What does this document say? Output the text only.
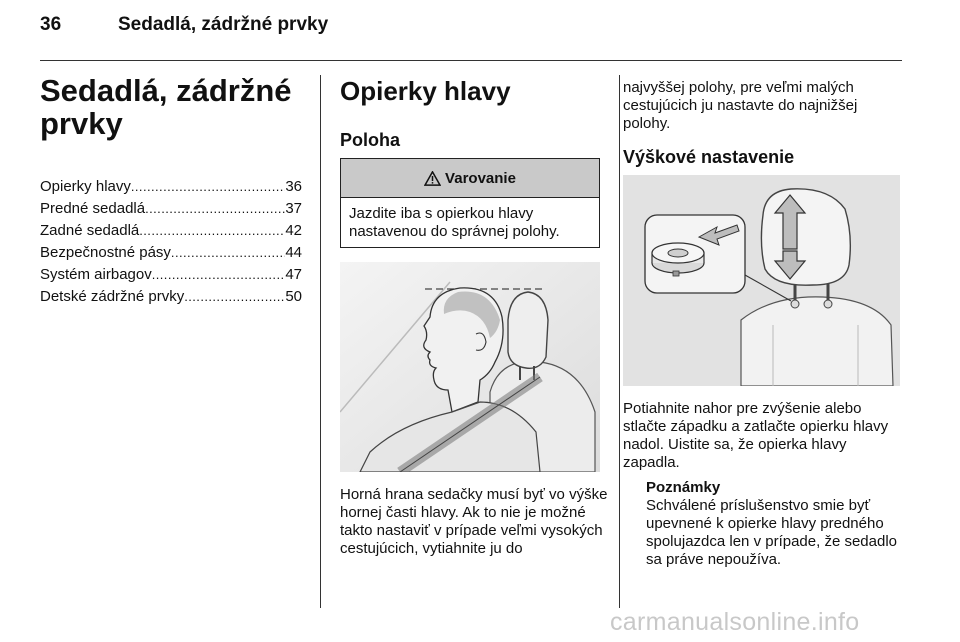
36	Sedadlá, zádržné prvky
Sedadlá, zádržné prvky
Opierky hlavy . . .	36
Predné sedadlá . . .	37
Zadné sedadlá . . .	42
Bezpečnostné pásy . . .	44
Systém airbagov . . .	47
Detské zádržné prvky . . .	50
Opierky hlavy
Poloha
Varovanie
Jazdite iba s opierkou hlavy nastavenou do správnej polohy.
Horná hrana sedačky musí byť vo výške hornej časti hlavy. Ak to nie je možné takto nastaviť v prípade veľmi vysokých cestujúcich, vytiahnite ju do
najvyššej polohy, pre veľmi malých cestujúcich ju nastavte do najnižšej polohy.
Výškové nastavenie
Potiahnite nahor pre zvýšenie alebo stlačte západku a zatlačte opierku hlavy nadol. Uistite sa, že opierka hlavy zapadla.
Poznámky
Schválené príslušenstvo smie byť upevnené k opierke hlavy predného spolujazdca len v prípade, že sedadlo sa práve nepoužíva.
carmanualsonline.info
